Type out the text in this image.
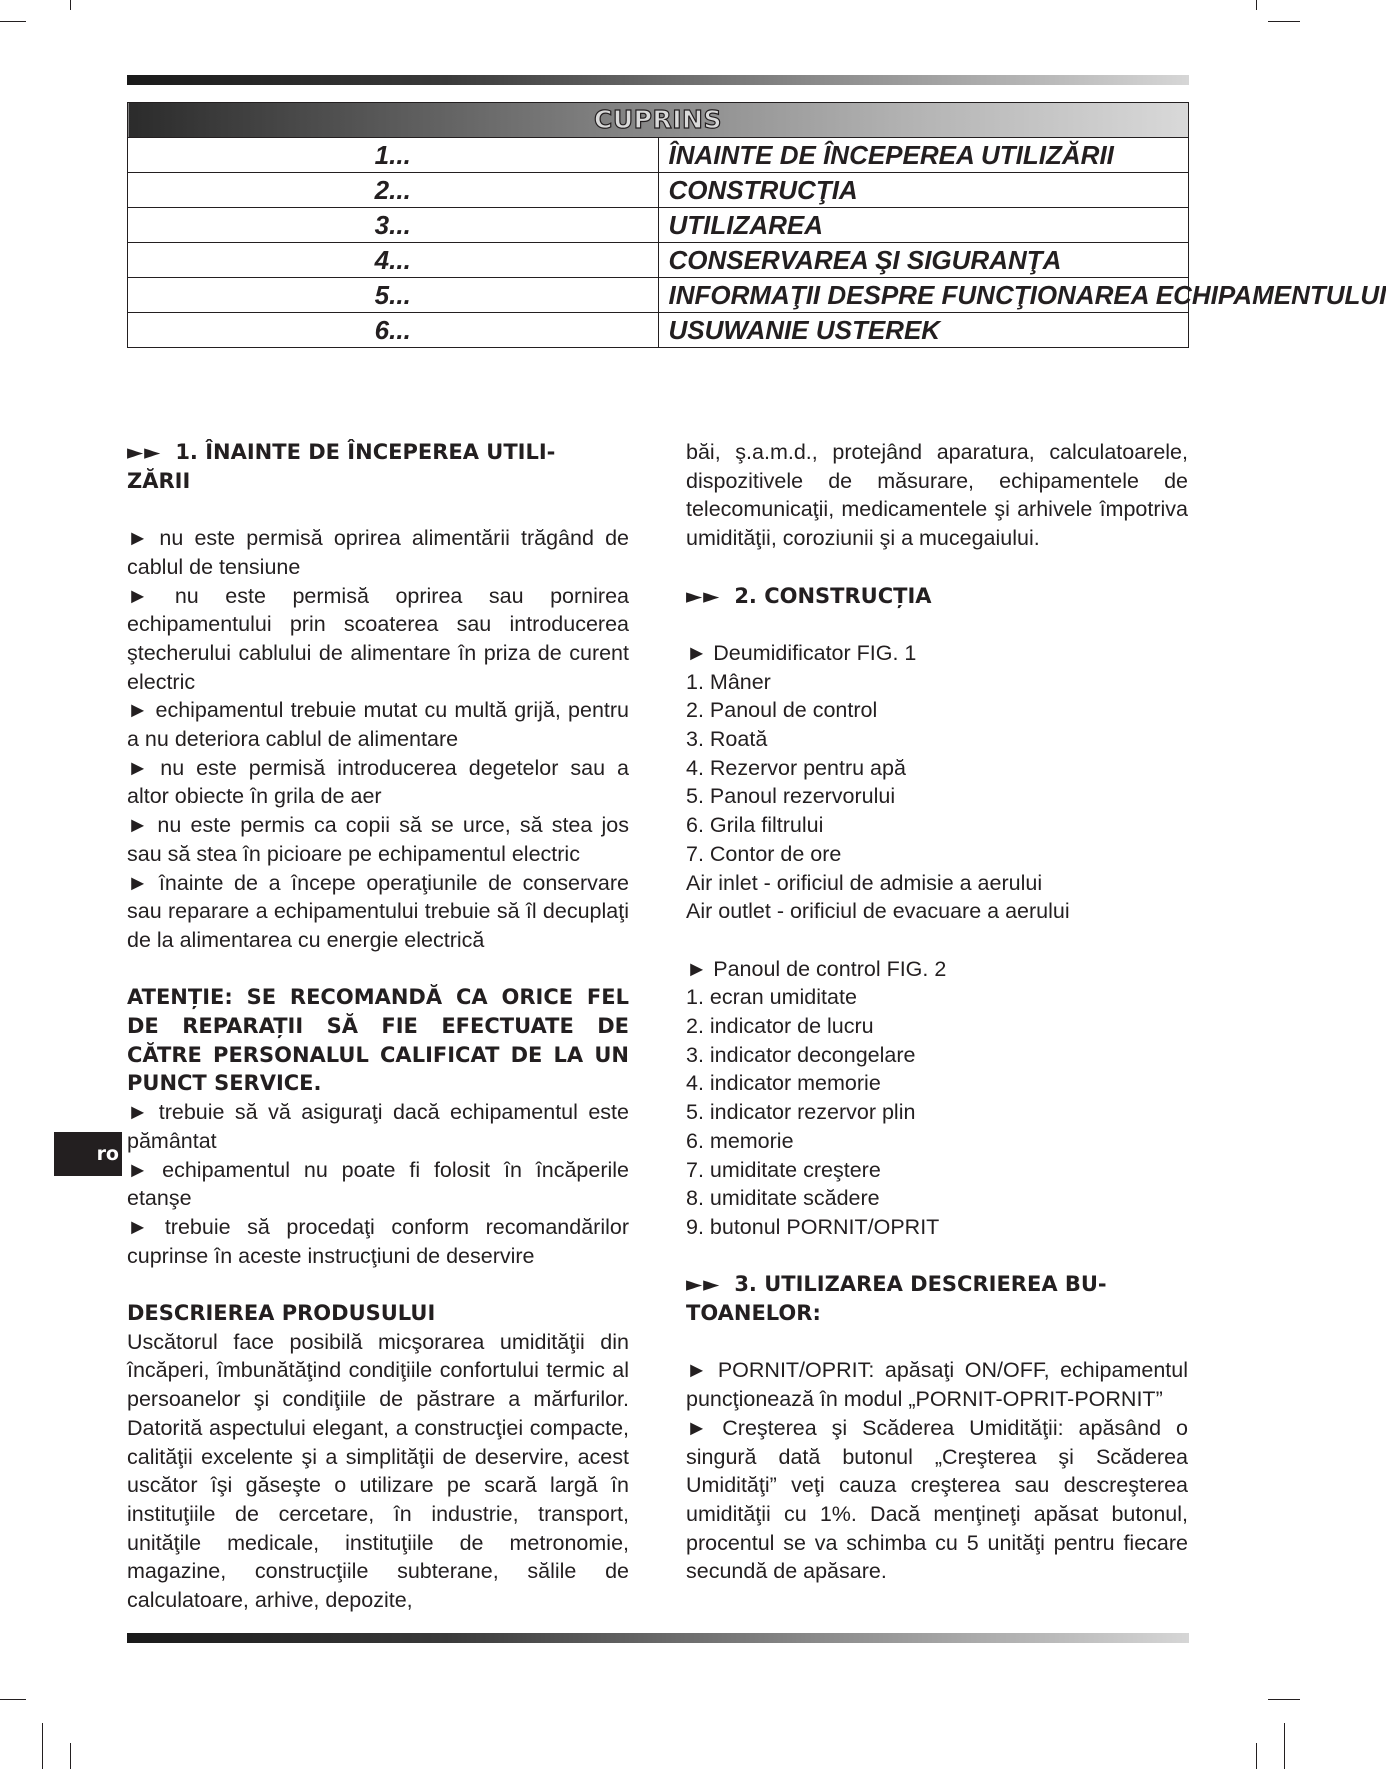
CUPRINS	
1...	ÎNAINTE DE ÎNCEPEREA UTILIZĂRII
2...	CONSTRUCŢIA
3...	UTILIZAREA
4...	CONSERVAREA ŞI SIGURANŢA
5...	INFORMAŢII DESPRE FUNCŢIONAREA ECHIPAMENTULUI
6...	USUWANIE USTEREK
ro

►► 1. ÎNAINTE DE ÎNCEPEREA UTILI-

ZĂRII

► nu este permisă oprirea alimentării trăgând de cablul de tensiune

► nu este permisă oprirea sau pornirea echipamentului prin scoaterea sau introducerea ştecherului cablului de alimentare în priza de curent electric

► echipamentul trebuie mutat cu multă grijă, pentru a nu deteriora cablul de alimentare

► nu este permisă introducerea degetelor sau a altor obiecte în grila de aer

► nu este permis ca copii să se urce, să stea jos sau să stea în picioare pe echipamentul electric

► înainte de a începe operaţiunile de conservare sau reparare a echipamentului trebuie să îl decuplaţi de la alimentarea cu energie electrică

ATENȚIE: SE RECOMANDĂ CA ORICE FEL DE REPARAȚII SĂ FIE EFECTUATE DE CĂTRE PERSONALUL CALIFICAT DE LA UN PUNCT SERVICE.

► trebuie să vă asiguraţi dacă echipamentul este pământat

► echipamentul nu poate fi folosit în încăperile etanşe

► trebuie să procedaţi conform recomandărilor cuprinse în aceste instrucţiuni de deservire

DESCRIEREA PRODUSULUI

Uscătorul face posibilă micşorarea umidităţii din încăperi, îmbunătăţind condiţiile confortului termic al persoanelor şi condiţiile de păstrare a mărfurilor. Datorită aspectului elegant, a construcţiei compacte, calităţii excelente şi a simplităţii de deservire, acest uscător îşi găseşte o utilizare pe scară largă în instituţiile de cercetare, în industrie, transport, unităţile medicale, instituţiile de metronomie, magazine, construcţiile subterane, sălile de calculatoare, arhive, depozite,

băi, ş.a.m.d., protejând aparatura, calculatoarele, dispozitivele de măsurare, echipamentele de telecomunicaţii, medicamentele şi arhivele împotriva umidităţii, coroziunii şi a mucegaiului.

►► 2. CONSTRUCȚIA

► Deumidificator FIG. 1

1. Mâner

2. Panoul de control

3. Roată

4. Rezervor pentru apă

5. Panoul rezervorului

6. Grila filtrului

7. Contor de ore

Air inlet - orificiul de admisie a aerului

Air outlet - orificiul de evacuare a aerului

► Panoul de control FIG. 2

1. ecran umiditate

2. indicator de lucru

3. indicator decongelare

4. indicator memorie

5. indicator rezervor plin

6. memorie

7. umiditate creştere

8. umiditate scădere

9. butonul PORNIT/OPRIT

►► 3. UTILIZAREA DESCRIEREA BU-

TOANELOR:

► PORNIT/OPRIT: apăsaţi ON/OFF, echipamentul puncţionează în modul „PORNIT-OPRIT-PORNIT”

► Creşterea şi Scăderea Umidităţii: apăsând o singură dată butonul „Creşterea şi Scăderea Umidităţi” veţi cauza creşterea sau descreşterea umidităţii cu 1%. Dacă menţineţi apăsat butonul, procentul se va schimba cu 5 unităţi pentru fiecare secundă de apăsare.
